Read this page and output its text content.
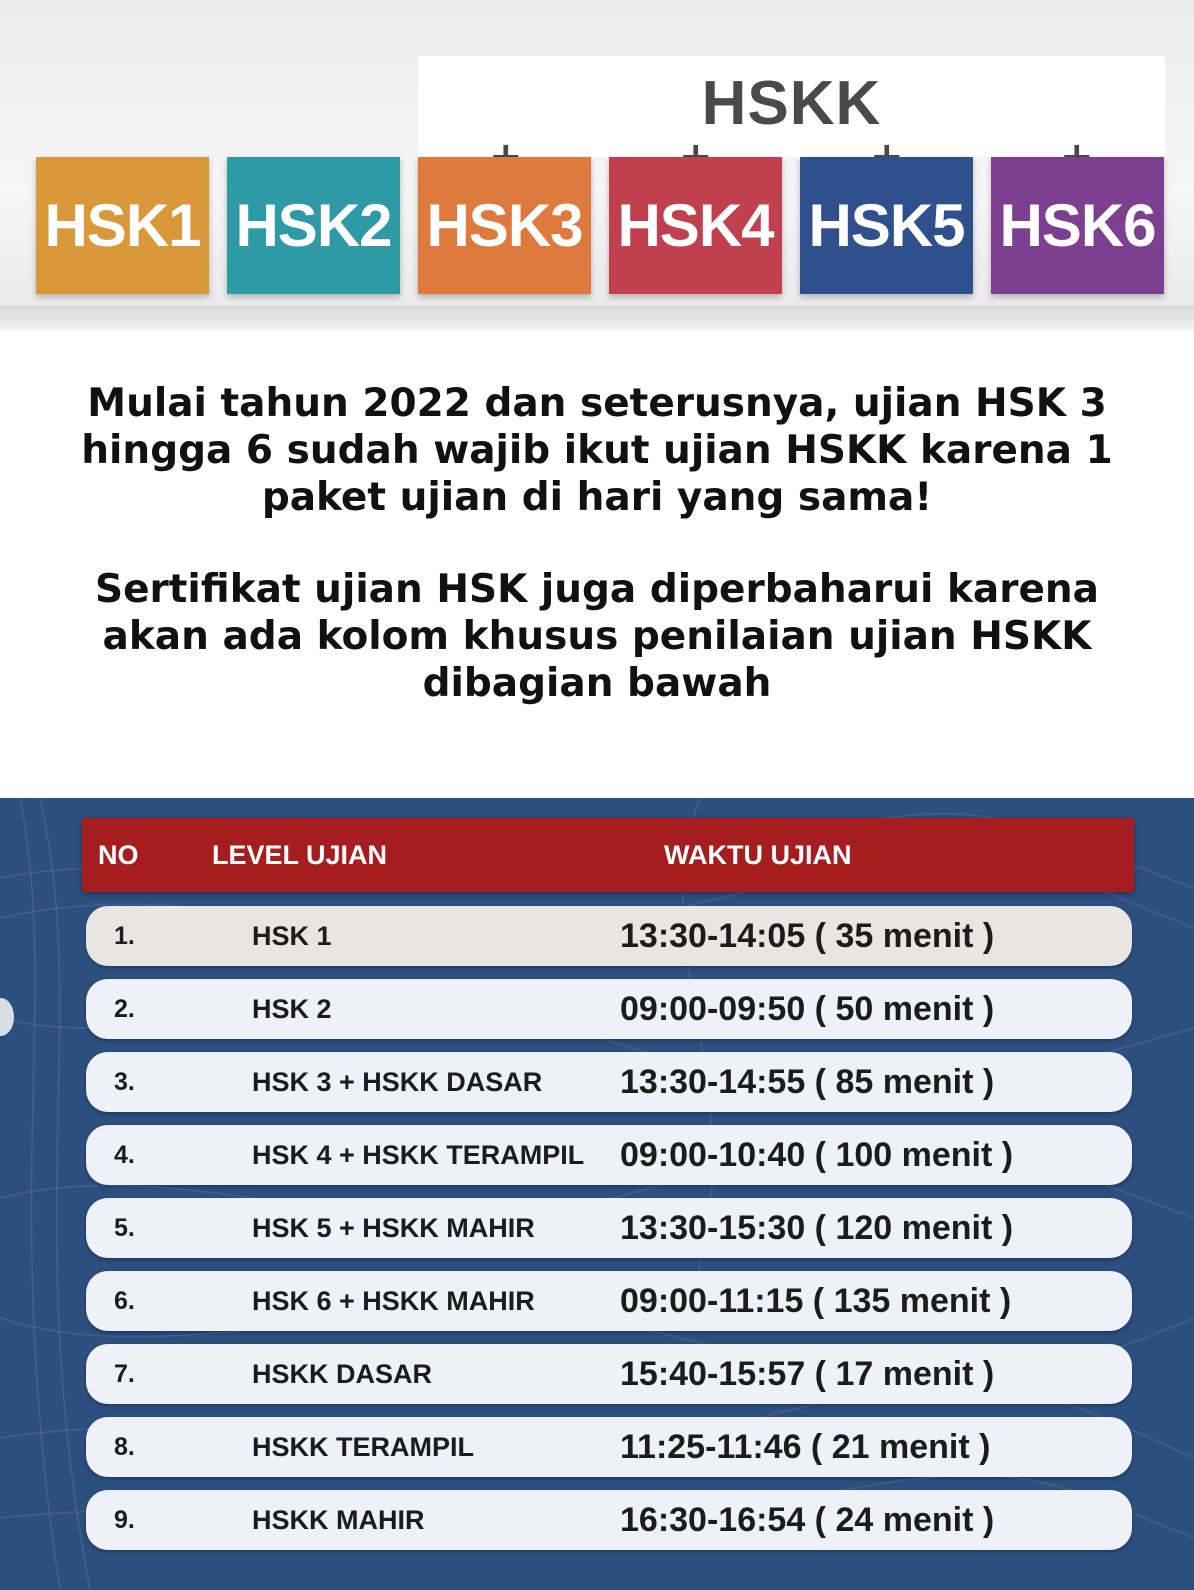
HSKK
HSK1 HSK2 HSK3 HSK4 HSK5 HSK6
Mulai tahun 2022 dan seterusnya, ujian HSK 3 hingga 6 sudah wajib ikut ujian HSKK karena 1 paket ujian di hari yang sama!
Sertifikat ujian HSK juga diperbaharui karena akan ada kolom khusus penilaian ujian HSKK dibagian bawah
NO	LEVEL UJIAN	WAKTU UJIAN
1.	HSK 1	13:30-14:05 ( 35 menit )
2.	HSK 2	09:00-09:50 ( 50 menit )
3.	HSK 3 + HSKK DASAR 13:30-14:55 ( 85 menit )
4.	HSK 4 + HSKK TERAMPIL 09:00-10:40 ( 100 menit )
5.	HSK 5 + HSKK MAHIR	13:30-15:30 ( 120 menit )
6.	HSK 6 + HSKK MAHIR	09:00-11:15 ( 135 menit )
7.	HSKK DASAR	15:40-15:57 ( 17 menit )
8.	HSKK TERAMPIL	11:25-11:46 ( 21 menit )
9.	HSKK MAHIR	16:30-16:54 ( 24 menit )
